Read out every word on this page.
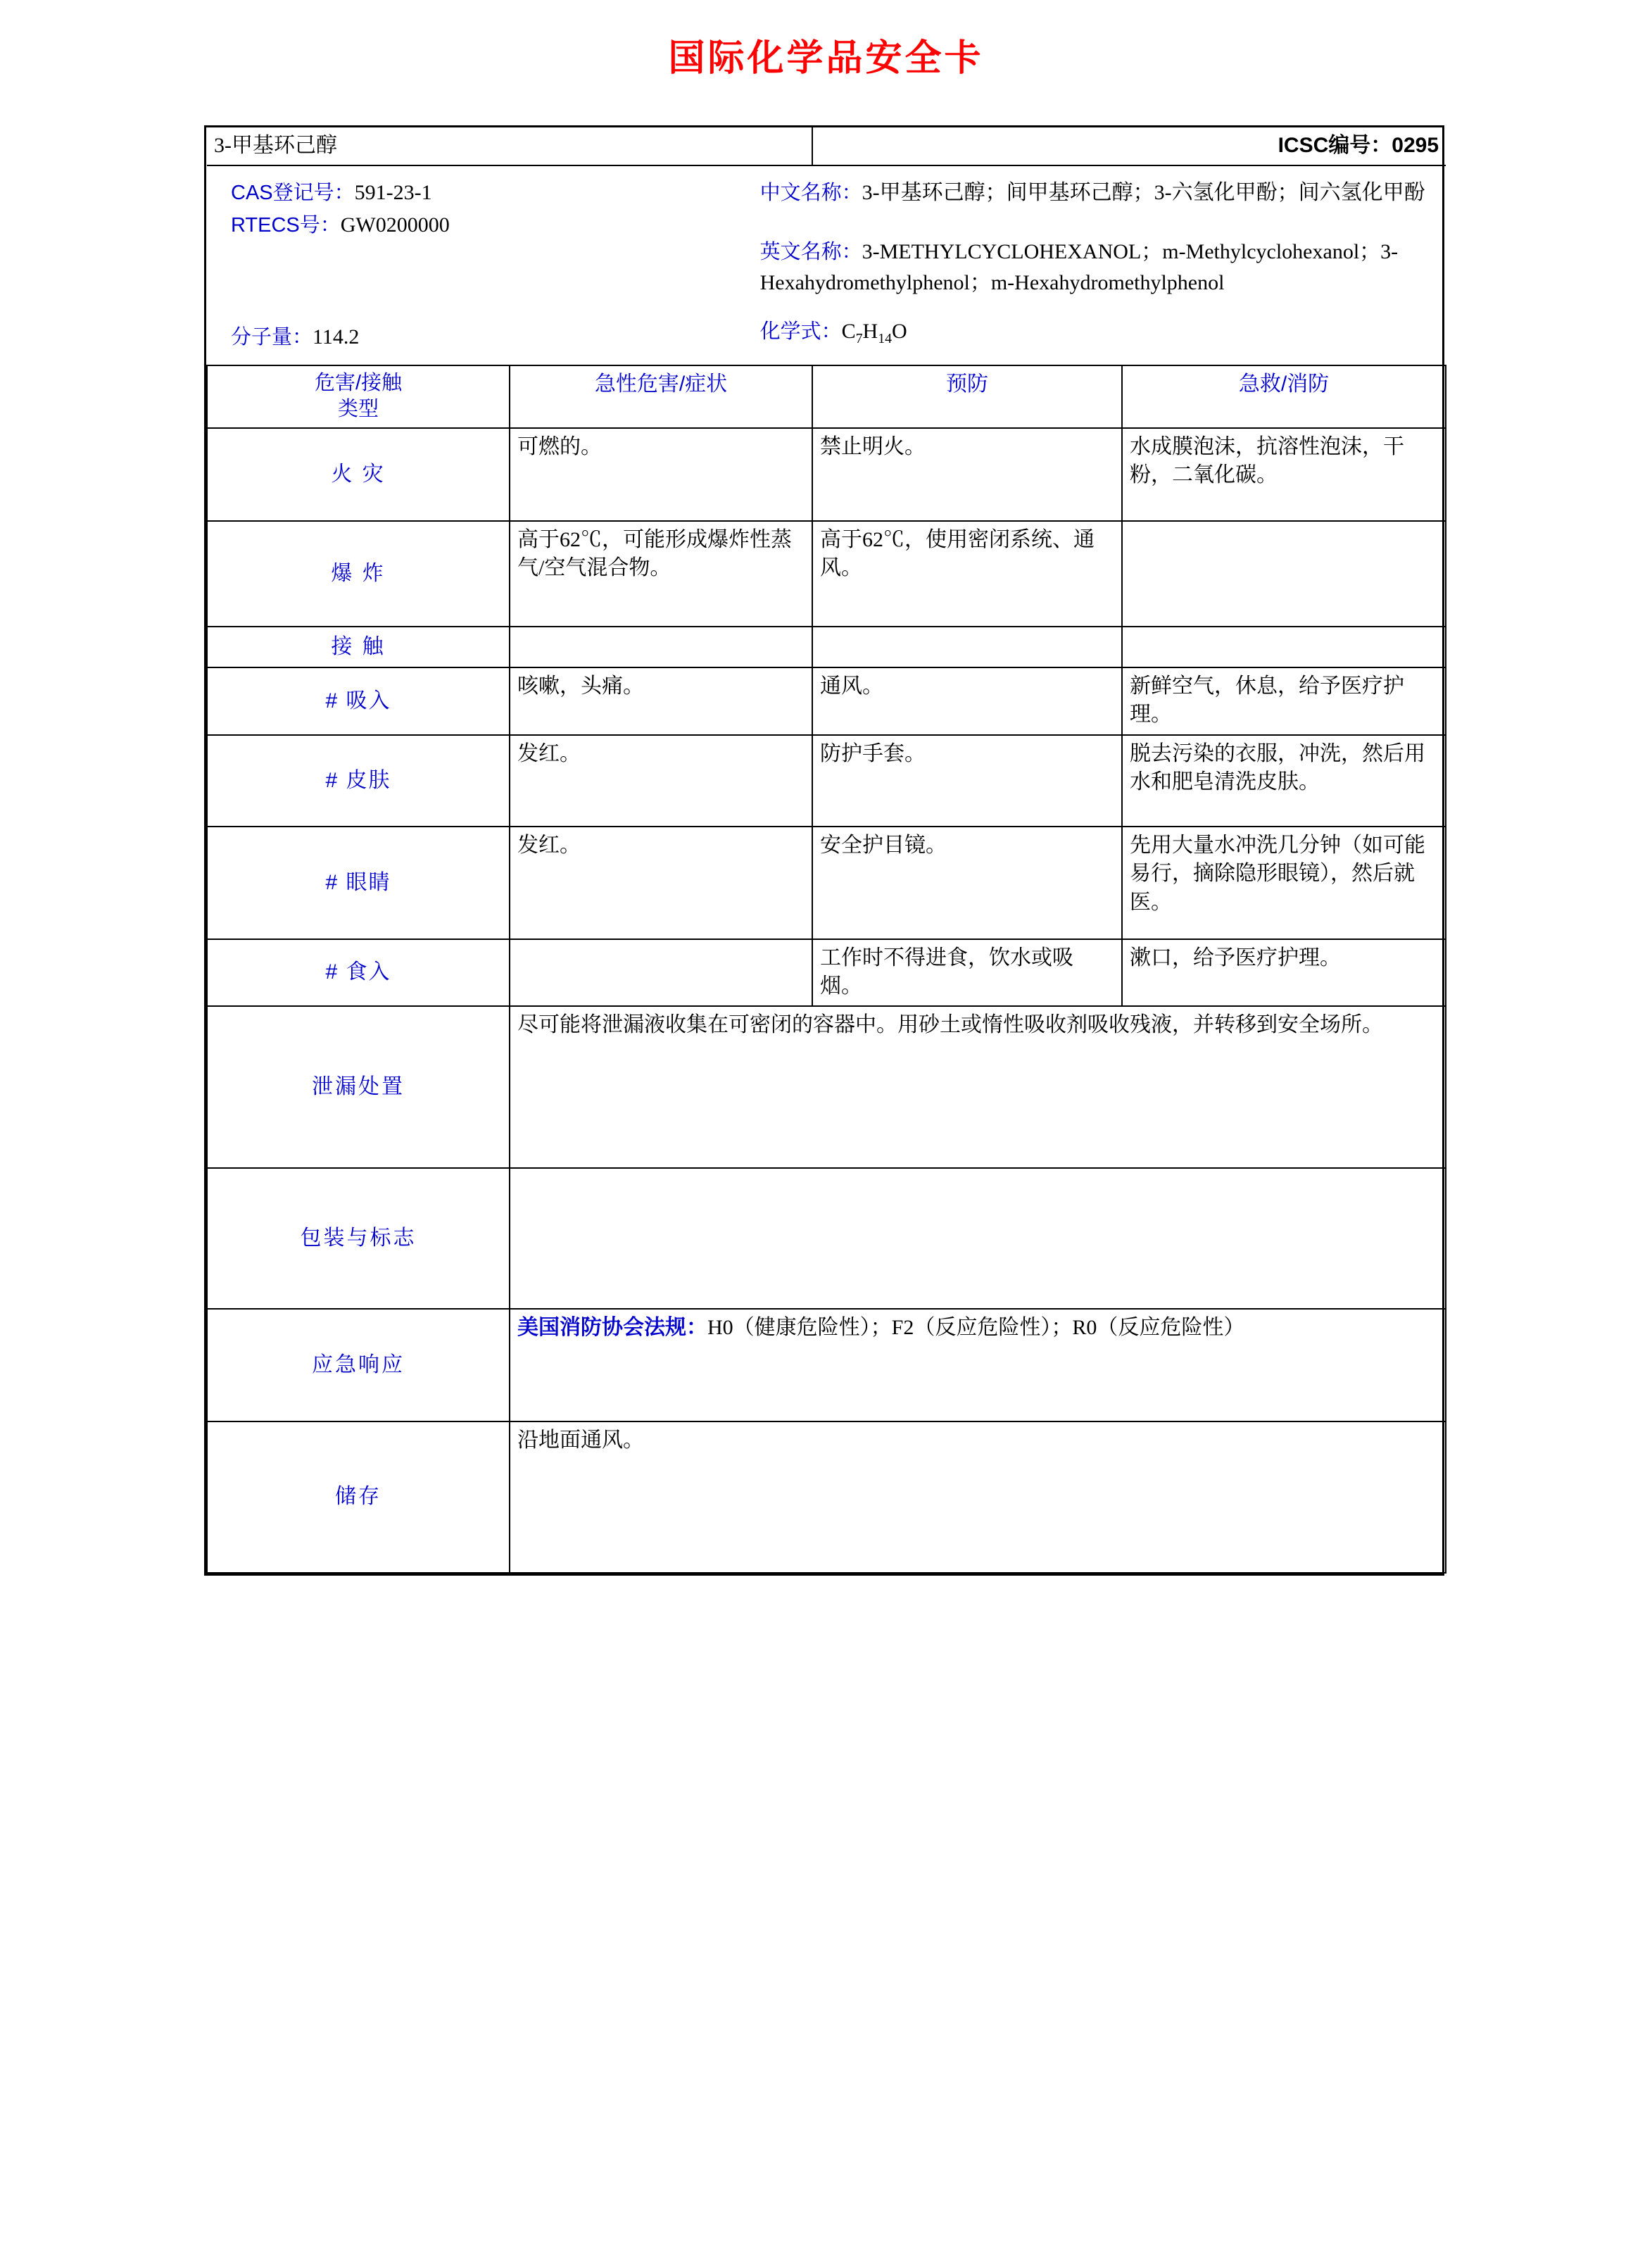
国际化学品安全卡
3-甲基环己醇		ICSC编号：0295	

CAS登记号：591-23-1
RTECS号：GW0200000
分子量：114.2
中文名称：3-甲基环己醇；间甲基环己醇；3-六氢化甲酚；间六氢化甲酚
英文名称：3-METHYLCYCLOHEXANOL；m-Methylcyclohexanol；3-Hexahydromethylphenol；m-Hexahydromethylphenol
化学式：$C_7H_{14}O$

危害/接触
类型	急性危害/症状	预防	急救/消防
火 灾	可燃的。	禁止明火。	水成膜泡沫，抗溶性泡沫，干粉，二氧化碳。
爆 炸	高于62℃，可能形成爆炸性蒸气/空气混合物。	高于62℃，使用密闭系统、通风。	
接 触			
# 吸入	咳嗽，头痛。	通风。	新鲜空气，休息，给予医疗护理。
# 皮肤	发红。	防护手套。	脱去污染的衣服，冲洗，然后用水和肥皂清洗皮肤。
# 眼睛	发红。	安全护目镜。	先用大量水冲洗几分钟（如可能易行，摘除隐形眼镜），然后就医。
# 食入		工作时不得进食，饮水或吸烟。	漱口，给予医疗护理。
泄漏处置	尽可能将泄漏液收集在可密闭的容器中。用砂土或惰性吸收剂吸收残液，并转移到安全场所。		
包装与标志			
应急响应	美国消防协会法规：H0（健康危险性）；F2（反应危险性）；R0（反应危险性）		
储存	沿地面通风。		
